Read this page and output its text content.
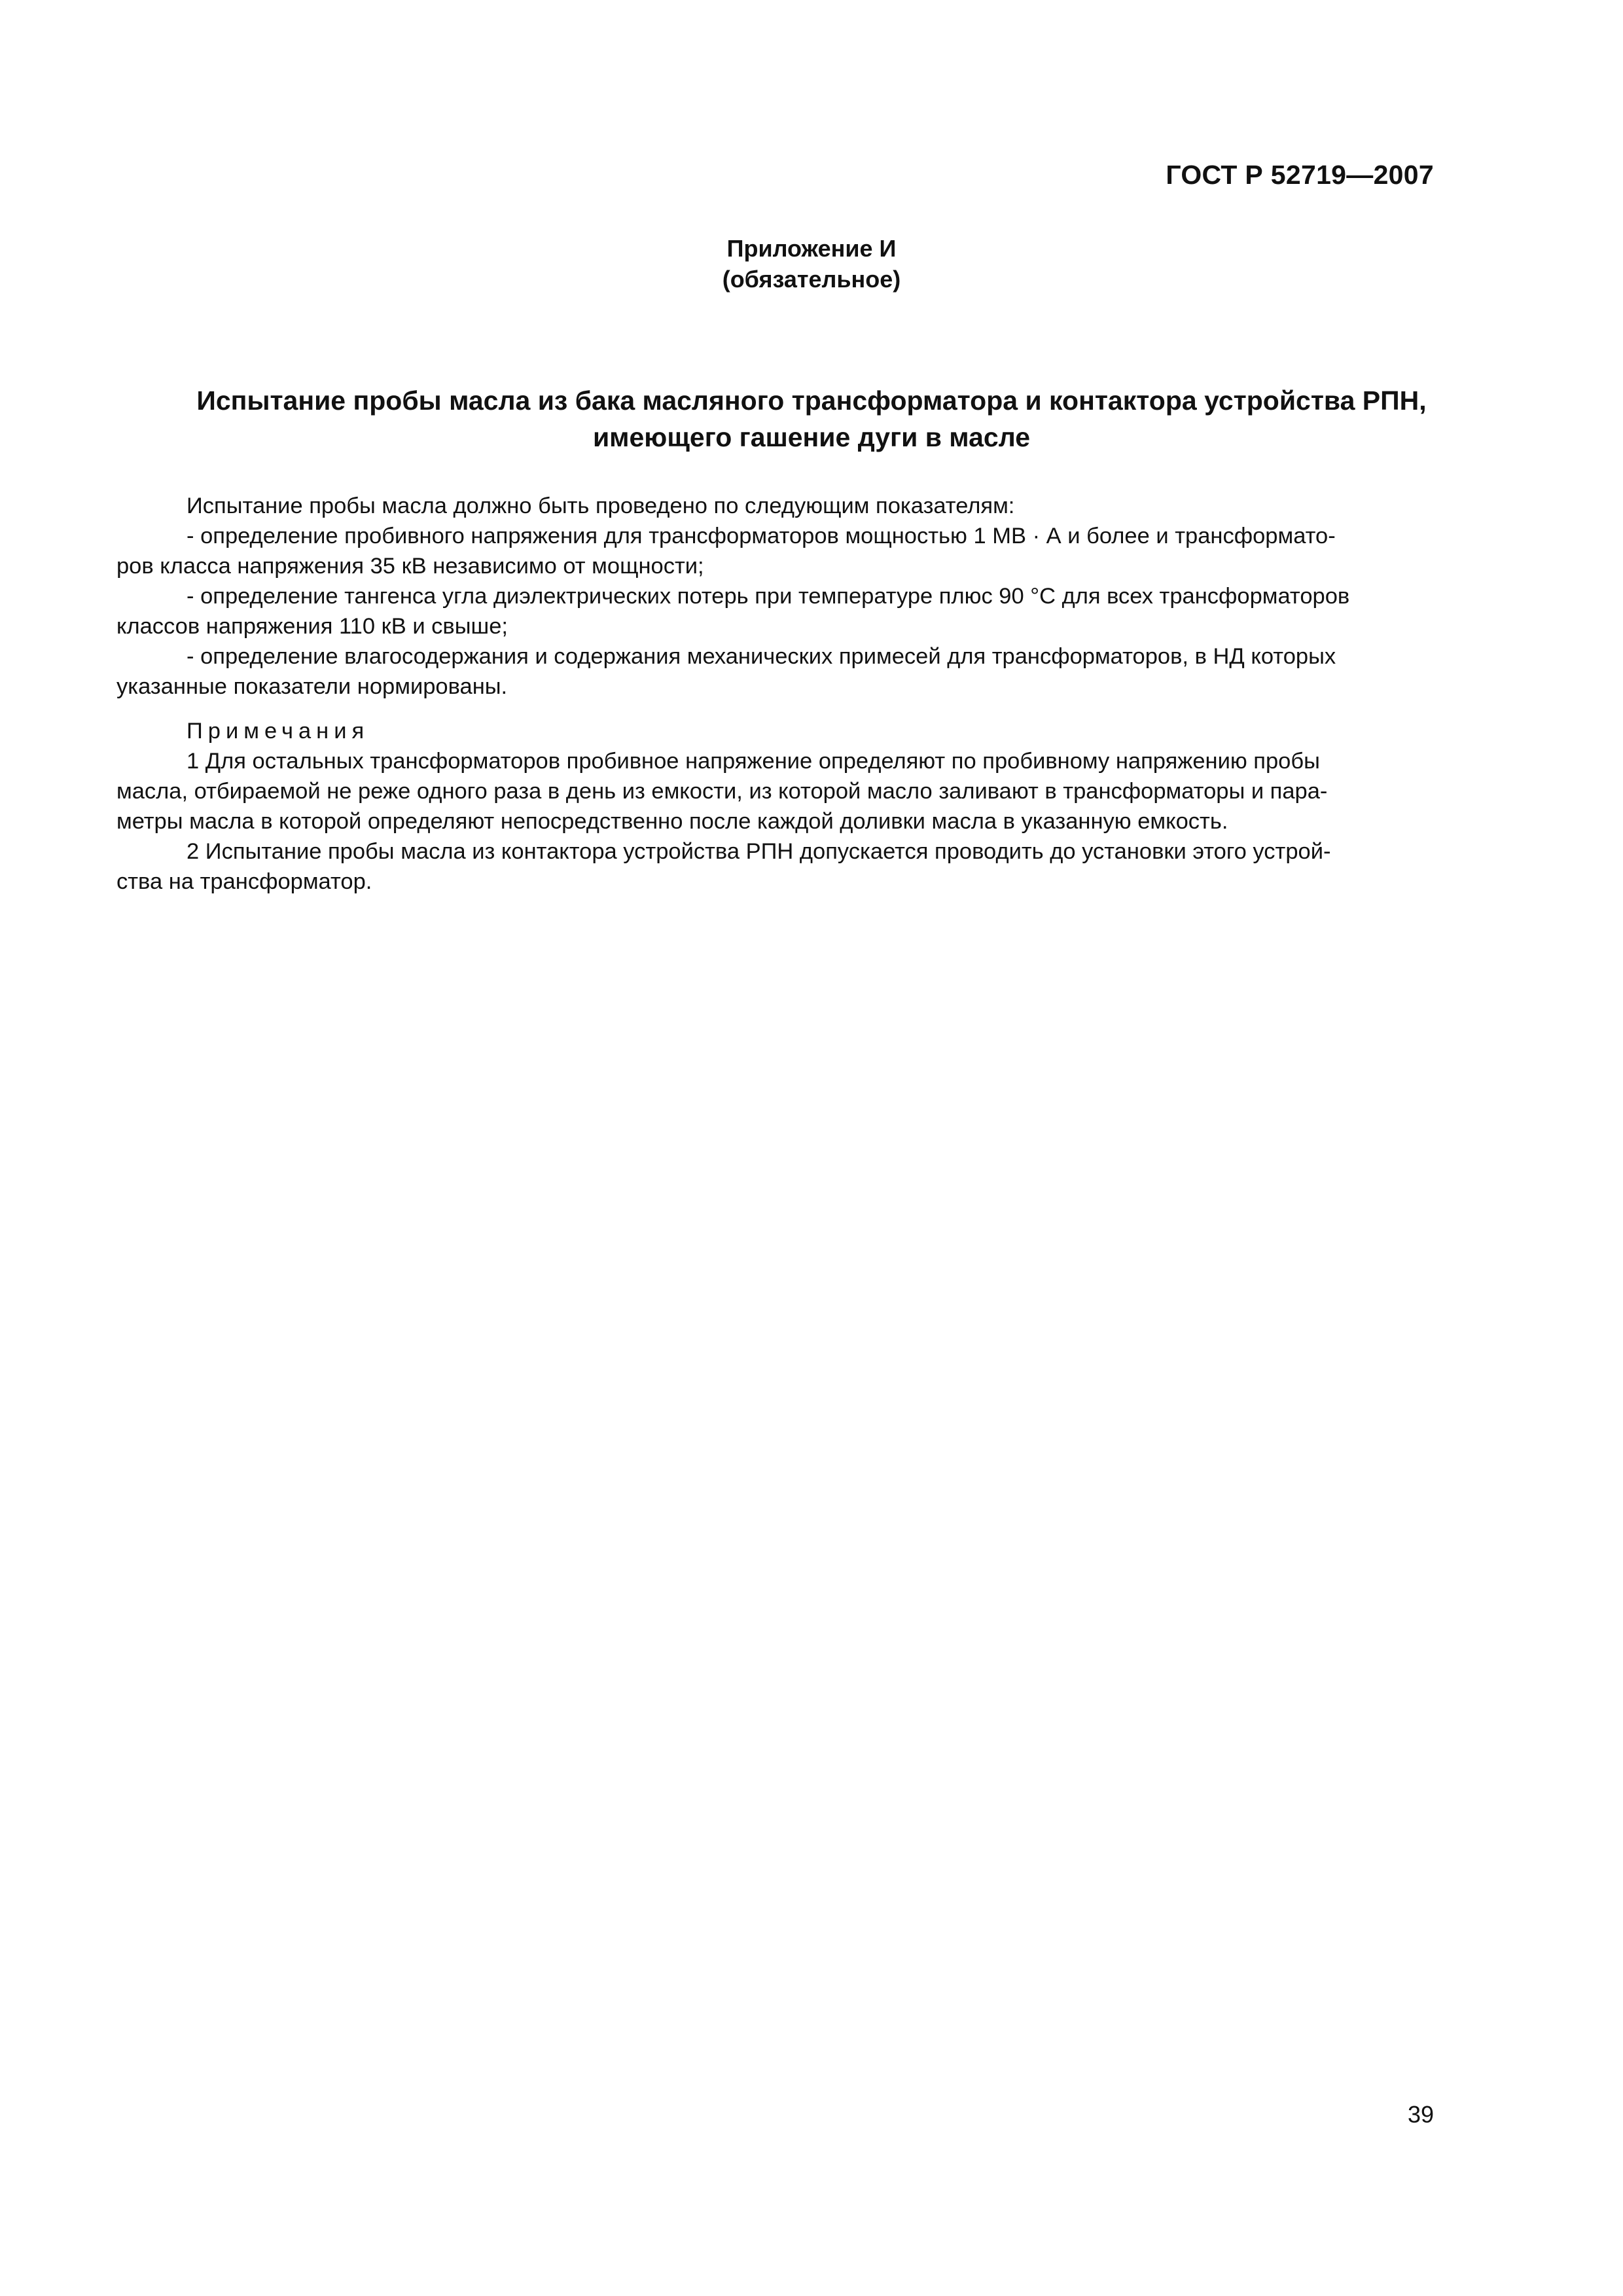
ГОСТ Р 52719—2007
Приложение И
(обязательное)
Испытание пробы масла из бака масляного трансформатора и контактора устройства РПН,
имеющего гашение дуги в масле
Испытание пробы масла должно быть проведено по следующим показателям:
- определение пробивного напряжения для трансформаторов мощностью 1 МВ · А и более и трансформато-
ров класса напряжения 35 кВ независимо от мощности;
- определение тангенса угла диэлектрических потерь при температуре плюс 90 °С для всех трансформаторов
классов напряжения 110 кВ и свыше;
- определение влагосодержания и содержания механических примесей для трансформаторов, в НД которых
указанные показатели нормированы.
Примечания
1 Для остальных трансформаторов пробивное напряжение определяют по пробивному напряжению пробы
масла, отбираемой не реже одного раза в день из емкости, из которой масло заливают в трансформаторы и пара-
метры масла в которой определяют непосредственно после каждой доливки масла в указанную емкость.
2 Испытание пробы масла из контактора устройства РПН допускается проводить до установки этого устрой-
ства на трансформатор.
39
